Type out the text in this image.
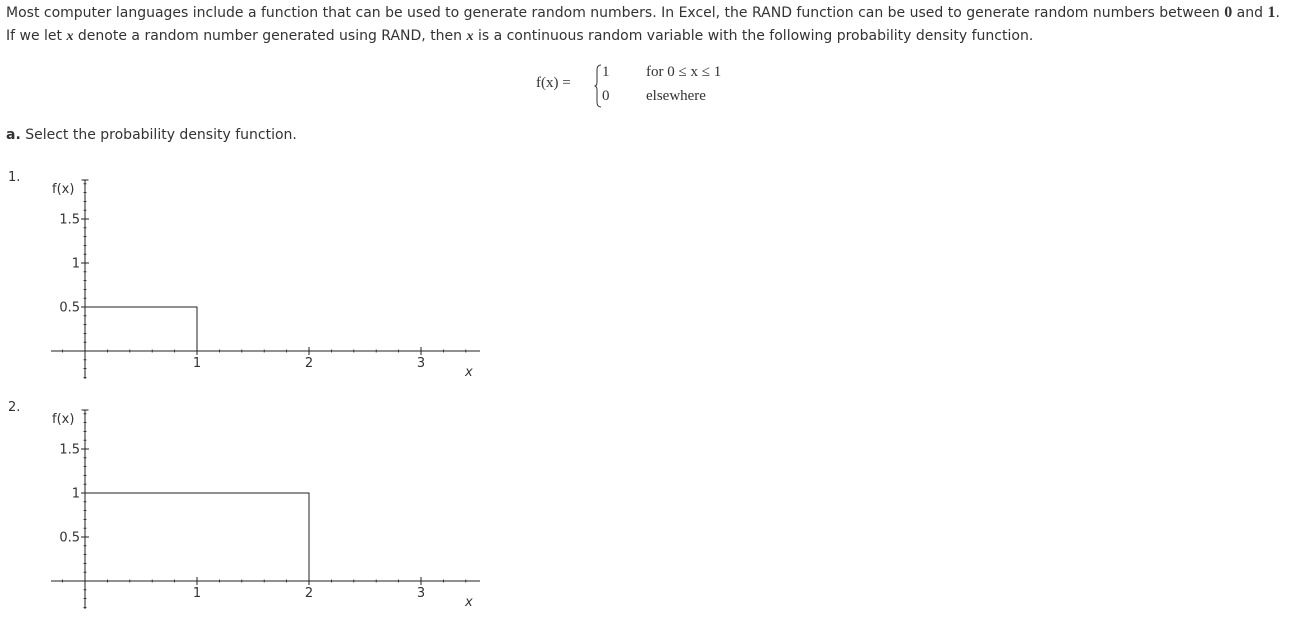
Most computer languages include a function that can be used to generate random numbers. In Excel, the RAND function can be used to generate random numbers between 0 and 1. If we let x denote a random number generated using RAND, then x is a continuous random variable with the following probability density function.
f(x) =
1 for 0 ≤ x ≤ 1
0 elsewhere
a. Select the probability density function.
1.
1	2	3
0.5
1
1.5
f(x)
x
2.
1	2	3
0.5
1
1.5
f(x)
x
